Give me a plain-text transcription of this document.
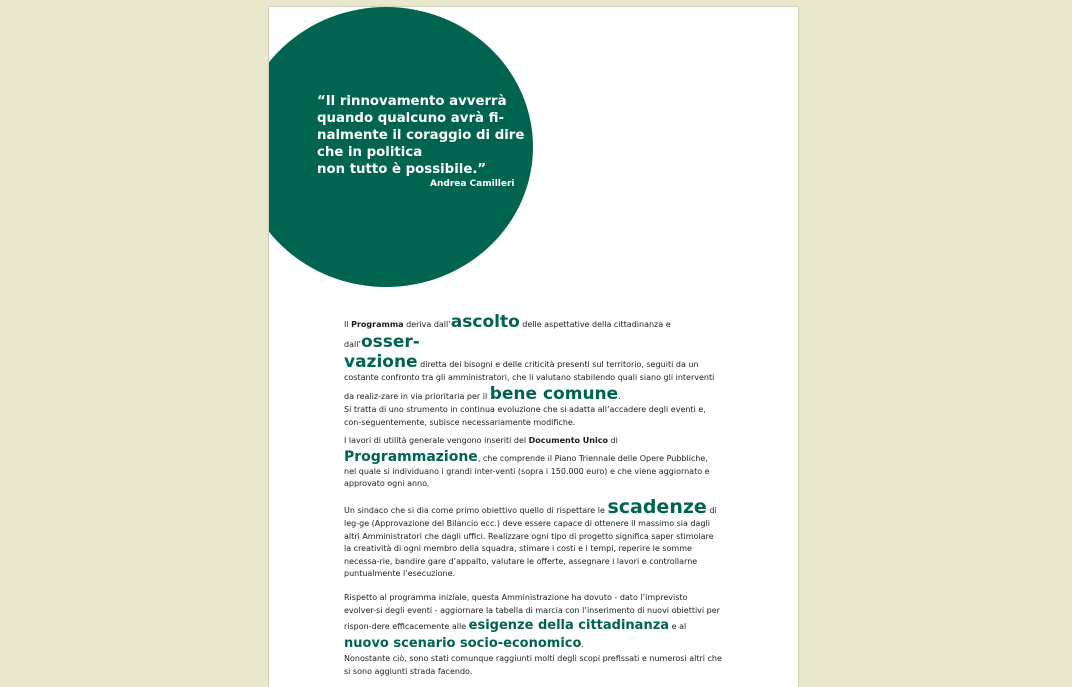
“Il rinnovamento avverrà
quando qualcuno avrà fi-
nalmente il coraggio di dire
che in politica
non tutto è possibile.”
Andrea Camilleri

Il Programma deriva dall’ascolto delle aspettative della cittadinanza e dall’osser-
vazione diretta dei bisogni e delle criticità presenti sul territorio, seguiti da un costante confronto tra gli amministratori, che li valutano stabilendo quali siano gli interventi da realiz-zare in via prioritaria per il bene comune.

Si tratta di uno strumento in continua evoluzione che si adatta all’accadere degli eventi e, con-seguentemente, subisce necessariamente modifiche.

I lavori di utilità generale vengono inseriti del Documento Unico di Programmazione, che comprende il Piano Triennale delle Opere Pubbliche, nel quale si individuano i grandi inter-venti (sopra i 150.000 euro) e che viene aggiornato e approvato ogni anno.

Un sindaco che si dia come primo obiettivo quello di rispettare le scadenze di leg-ge (Approvazione del Bilancio ecc.) deve essere capace di ottenere il massimo sia dagli altri Amministratori che dagli uffici. Realizzare ogni tipo di progetto significa saper stimolare la creatività di ogni membro della squadra, stimare i costi e i tempi, reperire le somme necessa-rie, bandire gare d’appalto, valutare le offerte, assegnare i lavori e controllarne puntualmente l’esecuzione.

Rispetto al programma iniziale, questa Amministrazione ha dovuto - dato l’imprevisto evolver-si degli eventi - aggiornare la tabella di marcia con l’inserimento di nuovi obiettivi per rispon-dere efficacemente alle esigenze della cittadinanza e al nuovo scenario socio-economico.

Nonostante ciò, sono stati comunque raggiunti molti degli scopi prefissati e numerosi altri che si sono aggiunti strada facendo.
